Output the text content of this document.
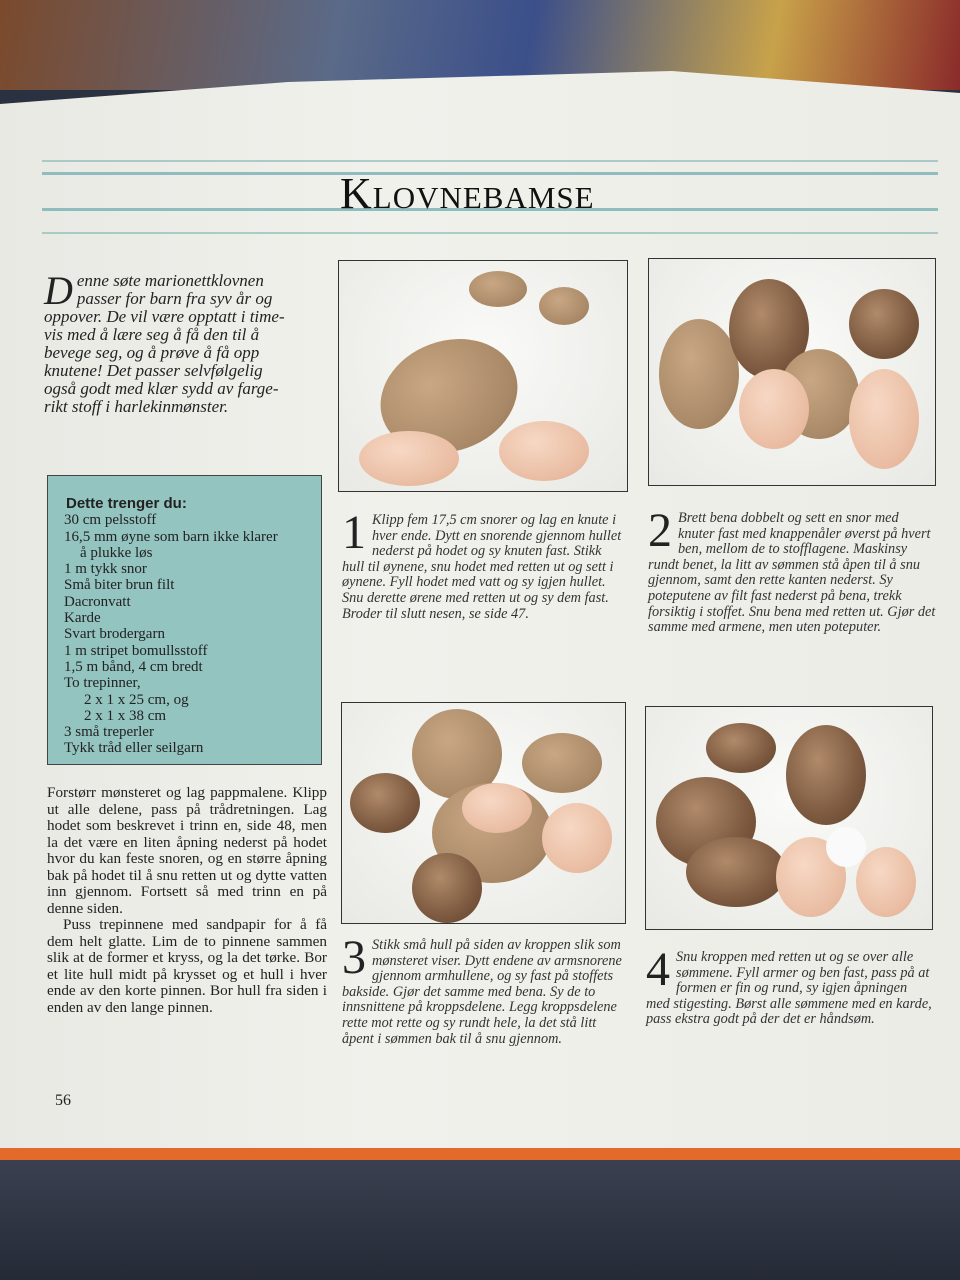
Klovnebamse
D enne søte marionettklovnen
passer for barn fra syv år og
oppover. De vil være opptatt i time-
vis med å lære seg å få den til å
bevege seg, og å prøve å få opp
knutene! Det passer selvfølgelig
også godt med klær sydd av farge-
rikt stoff i harlekinmønster.
Dette trenger du:
30 cm pelsstoff
16,5 mm øyne som barn ikke klarer
å plukke løs
1 m tykk snor
Små biter brun filt
Dacronvatt
Karde
Svart brodergarn
1 m stripet bomullsstoff
1,5 m bånd, 4 cm bredt
To trepinner,
2 x 1 x 25 cm, og
2 x 1 x 38 cm
3 små treperler
Tykk tråd eller seilgarn

Forstørr mønsteret og lag pappmalene. Klipp ut alle delene, pass på trådretningen. Lag hodet som beskrevet i trinn en, side 48, men la det være en liten åpning nederst på hodet hvor du kan feste snoren, og en større åpning bak på hodet til å snu retten ut og dytte vatten inn gjennom. Fortsett så med trinn en på denne siden.

Puss trepinnene med sandpapir for å få dem helt glatte. Lim de to pinnene sammen slik at de former et kryss, og la det tørke. Bor et lite hull midt på krysset og et hull i hver ende av den korte pinnen. Bor hull fra siden i enden av den lange pinnen.

56
1 Klipp fem 17,5 cm snorer og lag en knute i hver ende. Dytt en snorende gjennom hullet nederst på hodet og sy knuten fast. Stikk hull til øynene, snu hodet med retten ut og sett i øynene. Fyll hodet med vatt og sy igjen hullet. Snu derette ørene med retten ut og sy dem fast. Broder til slutt nesen, se side 47.
2 Brett bena dobbelt og sett en snor med knuter fast med knappenåler øverst på hvert ben, mellom de to stofflagene. Maskinsy rundt benet, la litt av sømmen stå åpen til å snu gjennom, samt den rette kanten nederst. Sy poteputene av filt fast nederst på bena, trekk forsiktig i stoffet. Snu bena med retten ut. Gjør det samme med armene, men uten poteputer.
3 Stikk små hull på siden av kroppen slik som mønsteret viser. Dytt endene av armsnorene gjennom armhullene, og sy fast på stoffets bakside. Gjør det samme med bena. Sy de to innsnittene på kroppsdelene. Legg kroppsdelene rette mot rette og sy rundt hele, la det stå litt åpent i sømmen bak til å snu gjennom.
4 Snu kroppen med retten ut og se over alle sømmene. Fyll armer og ben fast, pass på at formen er fin og rund, sy igjen åpningen med stigesting. Børst alle sømmene med en karde, pass ekstra godt på der det er håndsøm.
